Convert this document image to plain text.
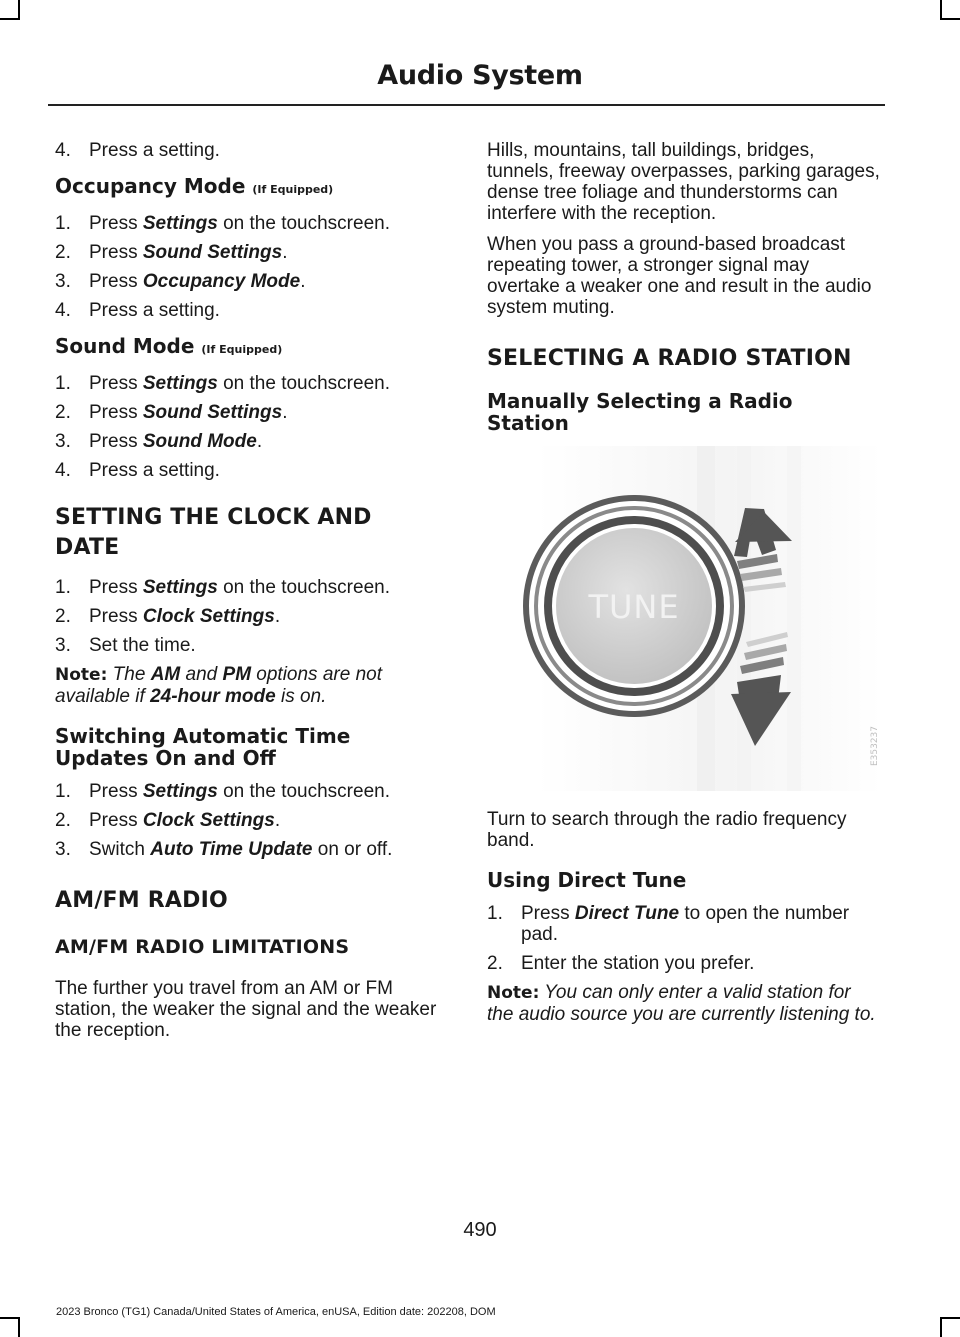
Audio System
4. Press a setting.
Occupancy Mode (If Equipped)
1. Press Settings on the touchscreen.
2. Press Sound Settings.
3. Press Occupancy Mode.
4. Press a setting.
Sound Mode (If Equipped)
1. Press Settings on the touchscreen.
2. Press Sound Settings.
3. Press Sound Mode.
4. Press a setting.
SETTING THE CLOCK AND
DATE
1. Press Settings on the touchscreen.
2. Press Clock Settings.
3. Set the time.

Note: The AM and PM options are not available if 24-hour mode is on.

Switching Automatic Time
Updates On and Off
1. Press Settings on the touchscreen.
2. Press Clock Settings.
3. Switch Auto Time Update on or off.
AM/FM RADIO
AM/FM RADIO LIMITATIONS

The further you travel from an AM or FM station, the weaker the signal and the weaker the reception.

Hills, mountains, tall buildings, bridges, tunnels, freeway overpasses, parking garages, dense tree foliage and thunderstorms can interfere with the reception.

When you pass a ground-based broadcast repeating tower, a stronger signal may overtake a weaker one and result in the audio system muting.

SELECTING A RADIO STATION
Manually Selecting a Radio
Station
TUNE
E353237

Turn to search through the radio frequency band.

Using Direct Tune
1. Press Direct Tune to open the number pad.
2. Enter the station you prefer.

Note: You can only enter a valid station for the audio source you are currently listening to.

490
2023 Bronco (TG1) Canada/United States of America, enUSA, Edition date: 202208, DOM
